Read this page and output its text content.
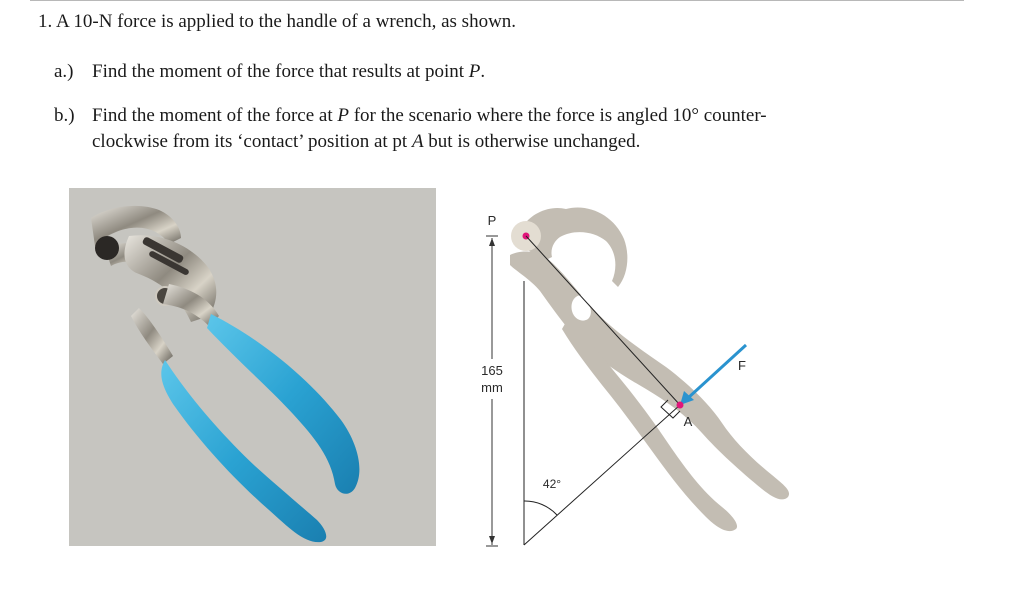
1. A 10-N force is applied to the handle of a wrench, as shown.
a.) Find the moment of the force that results at point P.
b.) Find the moment of the force at P for the scenario where the force is angled 10° counter-
clockwise from its ‘contact’ position at pt A but is otherwise unchanged.
165
mm
P
42°
F
A
